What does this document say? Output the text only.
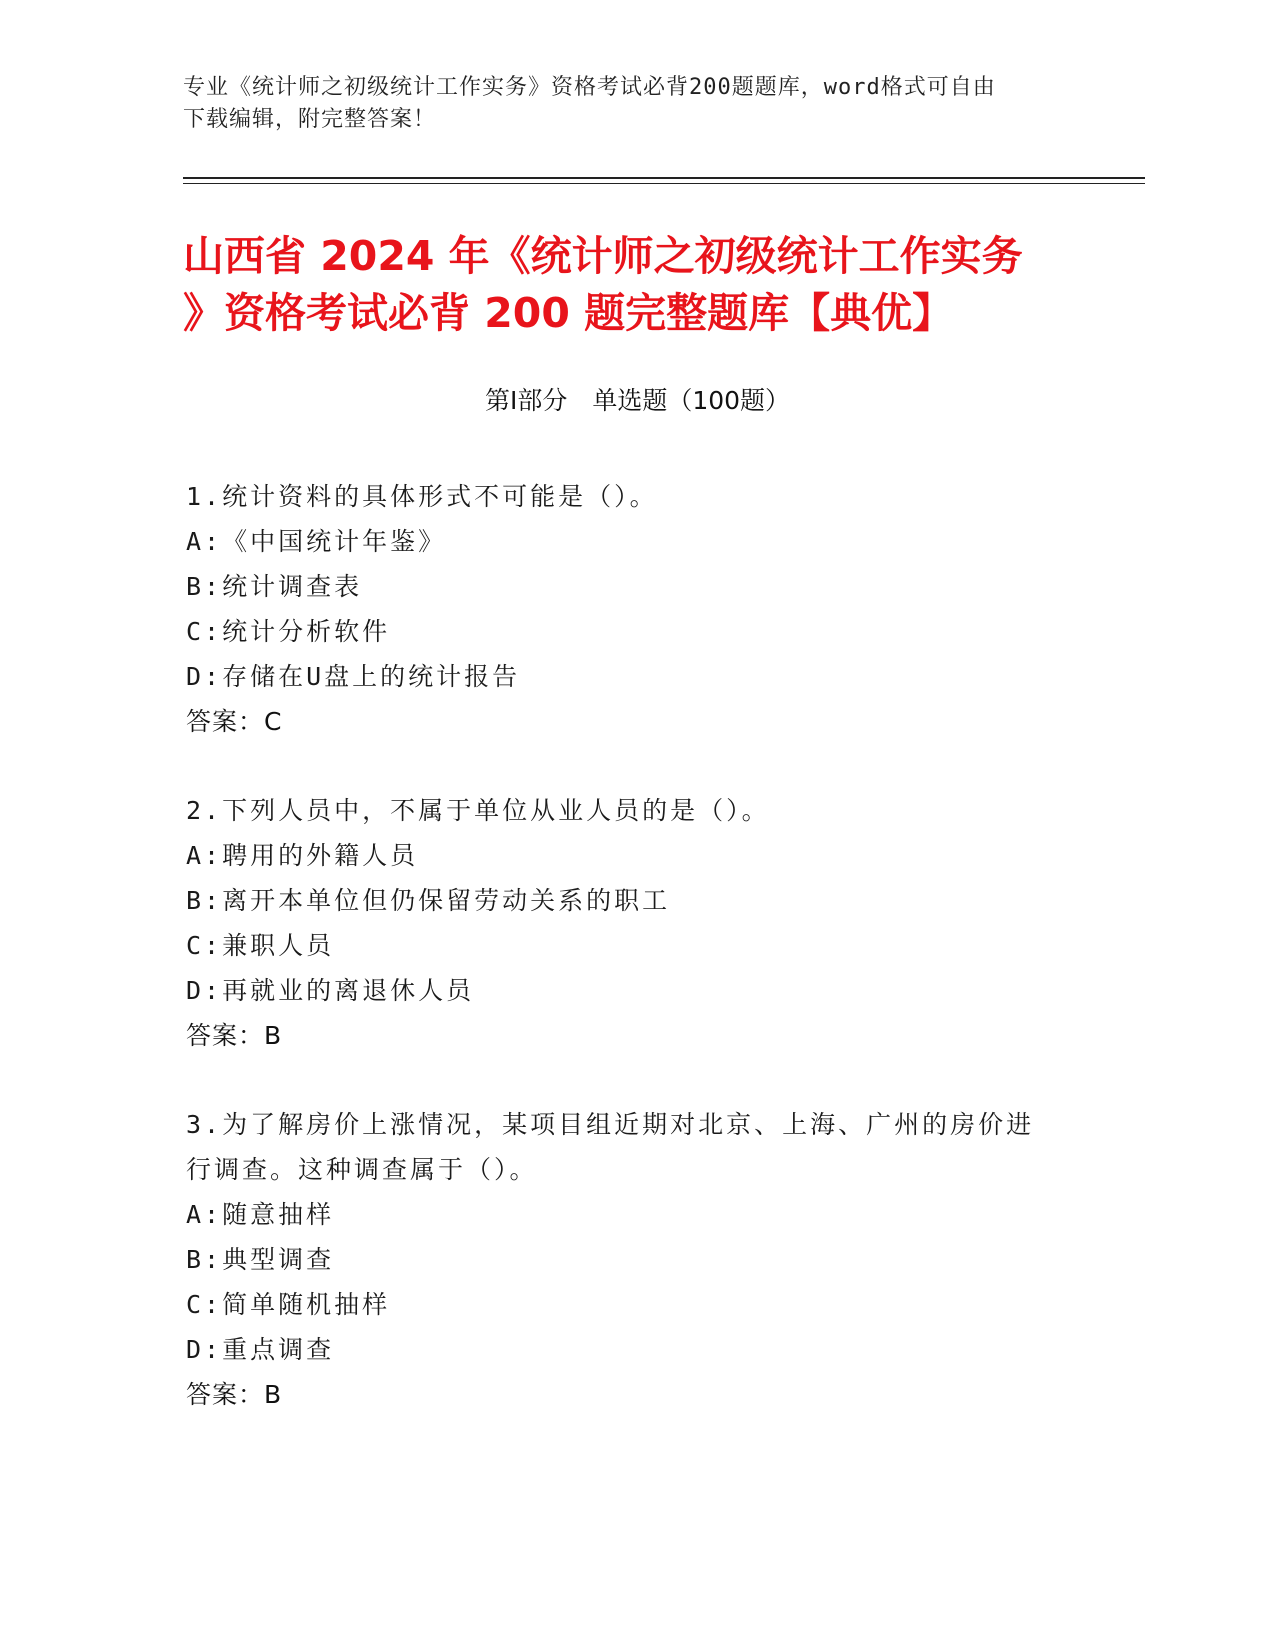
专业《统计师之初级统计工作实务》资格考试必背200题题库，word格式可自由
下载编辑，附完整答案！
山西省 2024 年《统计师之初级统计工作实务
》资格考试必背 200 题完整题库【典优】
第Ⅰ部分　单选题（100题）
1.统计资料的具体形式不可能是（）。
A:《中国统计年鉴》
B:统计调查表
C:统计分析软件
D:存储在U盘上的统计报告
答案：C
2.下列人员中，不属于单位从业人员的是（）。
A:聘用的外籍人员
B:离开本单位但仍保留劳动关系的职工
C:兼职人员
D:再就业的离退休人员
答案：B
3.为了解房价上涨情况，某项目组近期对北京、上海、广州的房价进
行调查。这种调查属于（）。
A:随意抽样
B:典型调查
C:简单随机抽样
D:重点调查
答案：B
